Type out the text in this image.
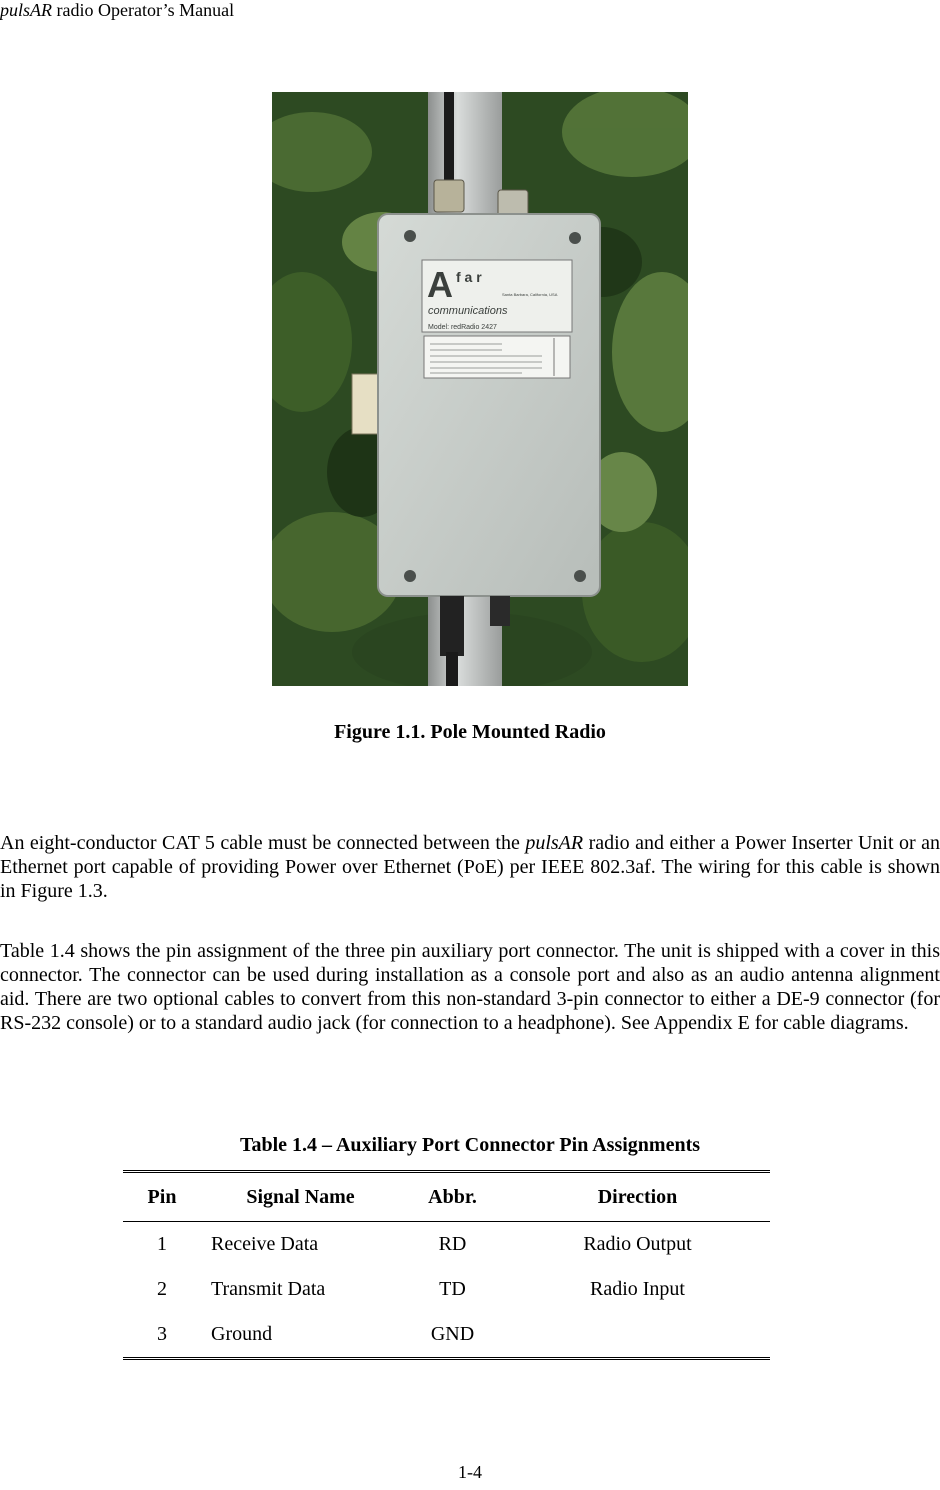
pulsAR radio Operator’s Manual
A f a r
communications
Santa Barbara, California, USA
Model: redRadio 2427
Figure 1.1. Pole Mounted Radio

An eight-conductor CAT 5 cable must be connected between the pulsAR radio and either a Power Inserter Unit or an Ethernet port capable of providing Power over Ethernet (PoE) per IEEE 802.3af. The wiring for this cable is shown in Figure 1.3.

Table 1.4 shows the pin assignment of the three pin auxiliary port connector. The unit is shipped with a cover in this connector. The connector can be used during installation as a console port and also as an audio antenna alignment aid. There are two optional cables to convert from this non-standard 3-pin connector to either a DE-9 connector (for RS-232 console) or to a standard audio jack (for connection to a headphone). See Appendix E for cable diagrams.

Table 1.4 – Auxiliary Port Connector Pin Assignments
Pin	Signal Name	Abbr.	Direction
1	Receive Data	RD	Radio Output
2	Transmit Data	TD	Radio Input
3	Ground	GND	
1-4
